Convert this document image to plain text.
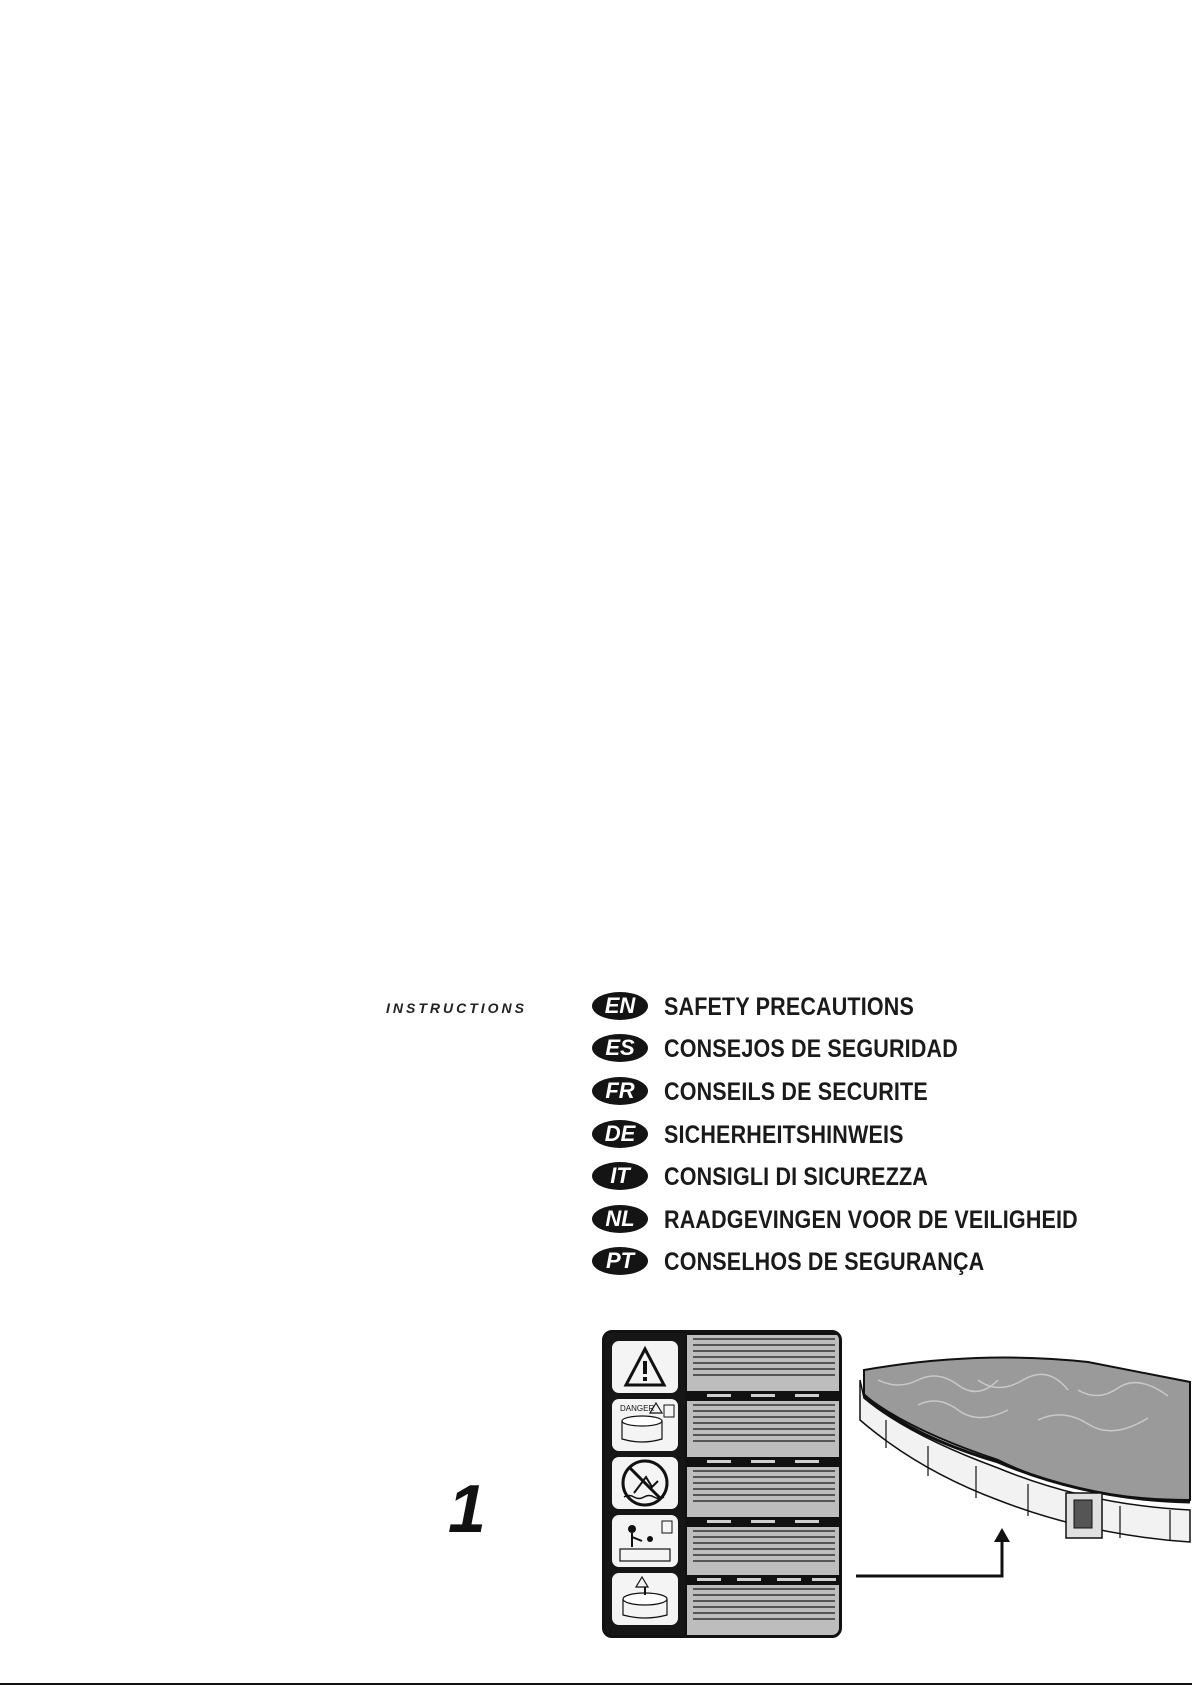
INSTRUCTIONS	EN	SAFETY PRECAUTIONS
ES	CONSEJOS DE SEGURIDAD
FR	CONSEILS DE SECURITE
DE	SICHERHEITSHINWEIS
IT	CONSIGLI DI SICUREZZA
NL	RAADGEVINGEN VOOR DE VEILIGHEID
PT	CONSELHOS DE SEGURANÇA
1
DANGER
